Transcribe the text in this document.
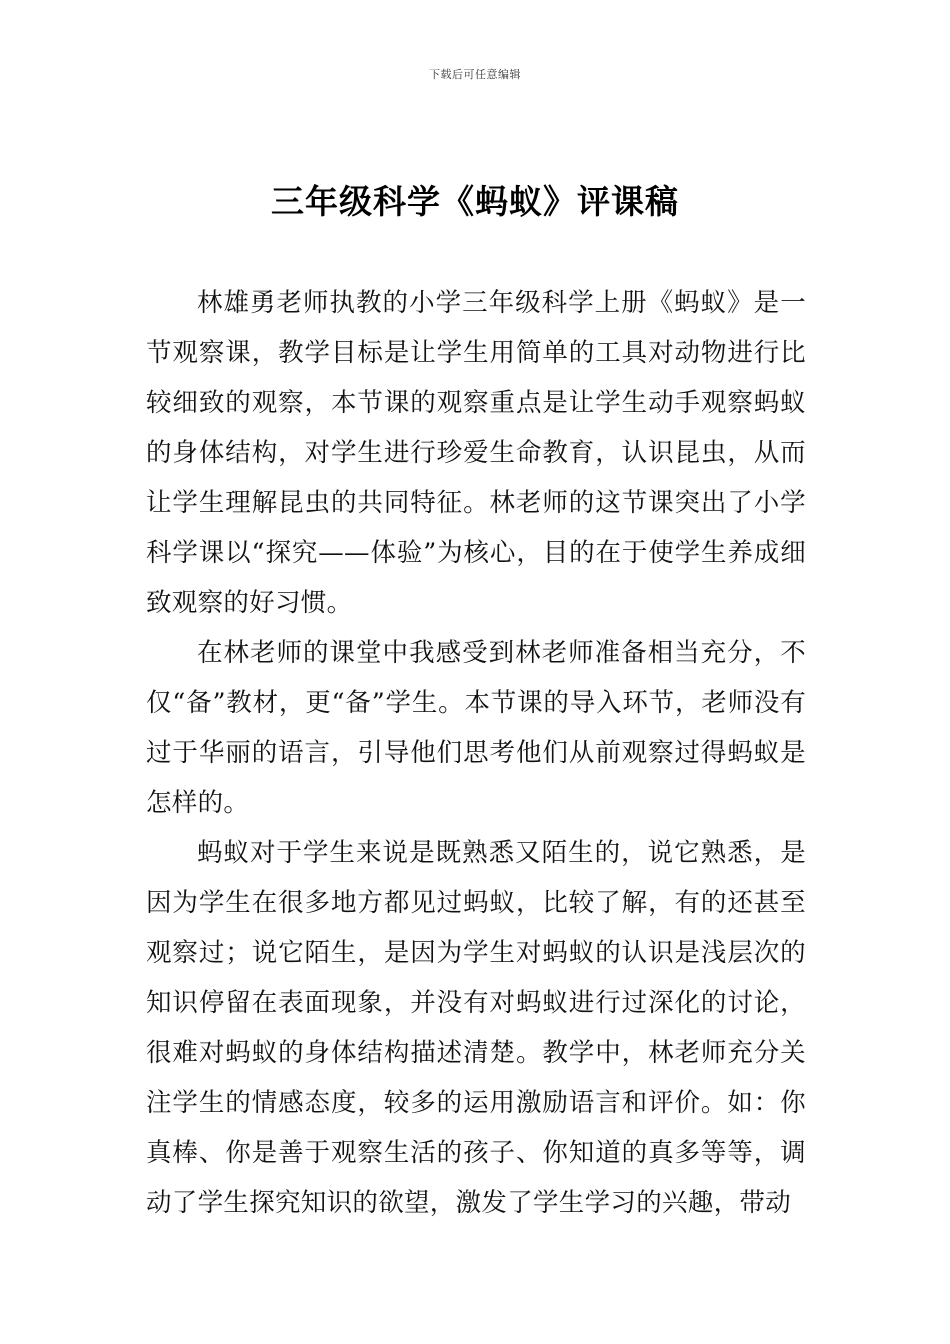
下载后可任意编辑
三年级科学《蚂蚁》评课稿

林雄勇老师执教的小学三年级科学上册《蚂蚁》是一节观察课，教学目标是让学生用简单的工具对动物进行比较细致的观察，本节课的观察重点是让学生动手观察蚂蚁的身体结构，对学生进行珍爱生命教育，认识昆虫，从而让学生理解昆虫的共同特征。林老师的这节课突出了小学科学课以“探究——体验”为核心，目的在于使学生养成细致观察的好习惯。

在林老师的课堂中我感受到林老师准备相当充分，不仅“备”教材，更“备”学生。本节课的导入环节，老师没有过于华丽的语言，引导他们思考他们从前观察过得蚂蚁是怎样的。

蚂蚁对于学生来说是既熟悉又陌生的，说它熟悉，是因为学生在很多地方都见过蚂蚁，比较了解，有的还甚至观察过；说它陌生，是因为学生对蚂蚁的认识是浅层次的知识停留在表面现象，并没有对蚂蚁进行过深化的讨论，很难对蚂蚁的身体结构描述清楚。教学中，林老师充分关注学生的情感态度，较多的运用激励语言和评价。如：你真棒、你是善于观察生活的孩子、你知道的真多等等，调动了学生探究知识的欲望，激发了学生学习的兴趣，带动
